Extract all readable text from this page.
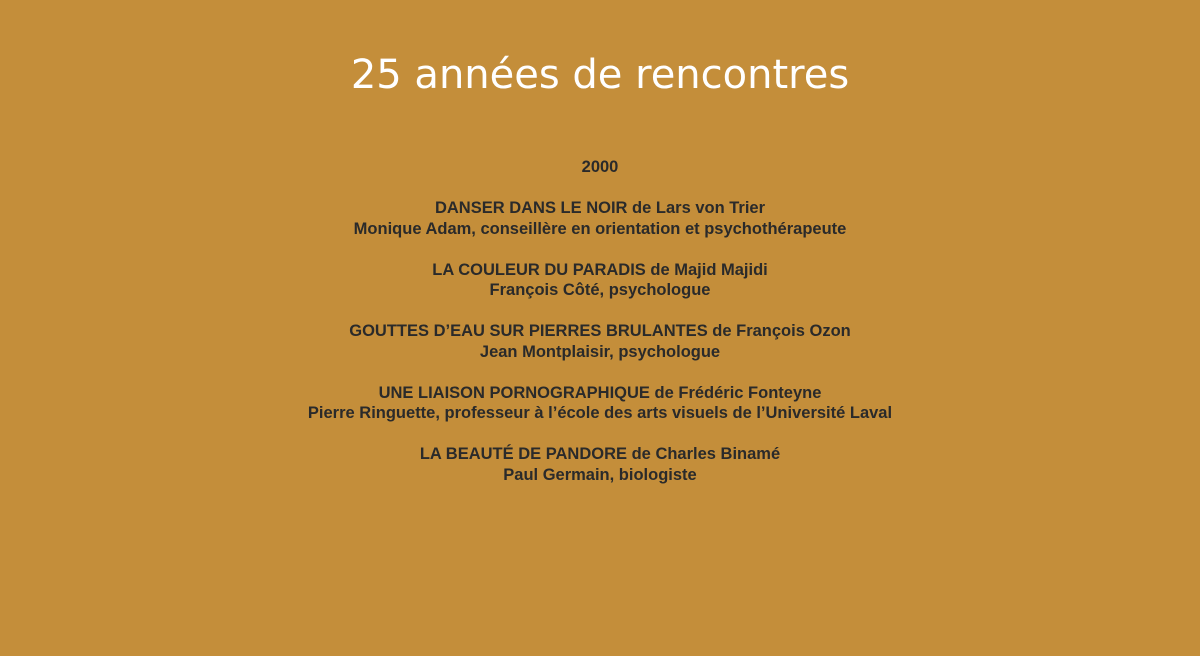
25 années de rencontres
2000
DANSER DANS LE NOIR de Lars von Trier
Monique Adam, conseillère en orientation et psychothérapeute
LA COULEUR DU PARADIS de Majid Majidi
François Côté, psychologue
GOUTTES D’EAU SUR PIERRES BRULANTES de François Ozon
Jean Montplaisir, psychologue
UNE LIAISON PORNOGRAPHIQUE de Frédéric Fonteyne
Pierre Ringuette, professeur à l’école des arts visuels de l’Université Laval
LA BEAUTÉ DE PANDORE de Charles Binamé
Paul Germain, biologiste
